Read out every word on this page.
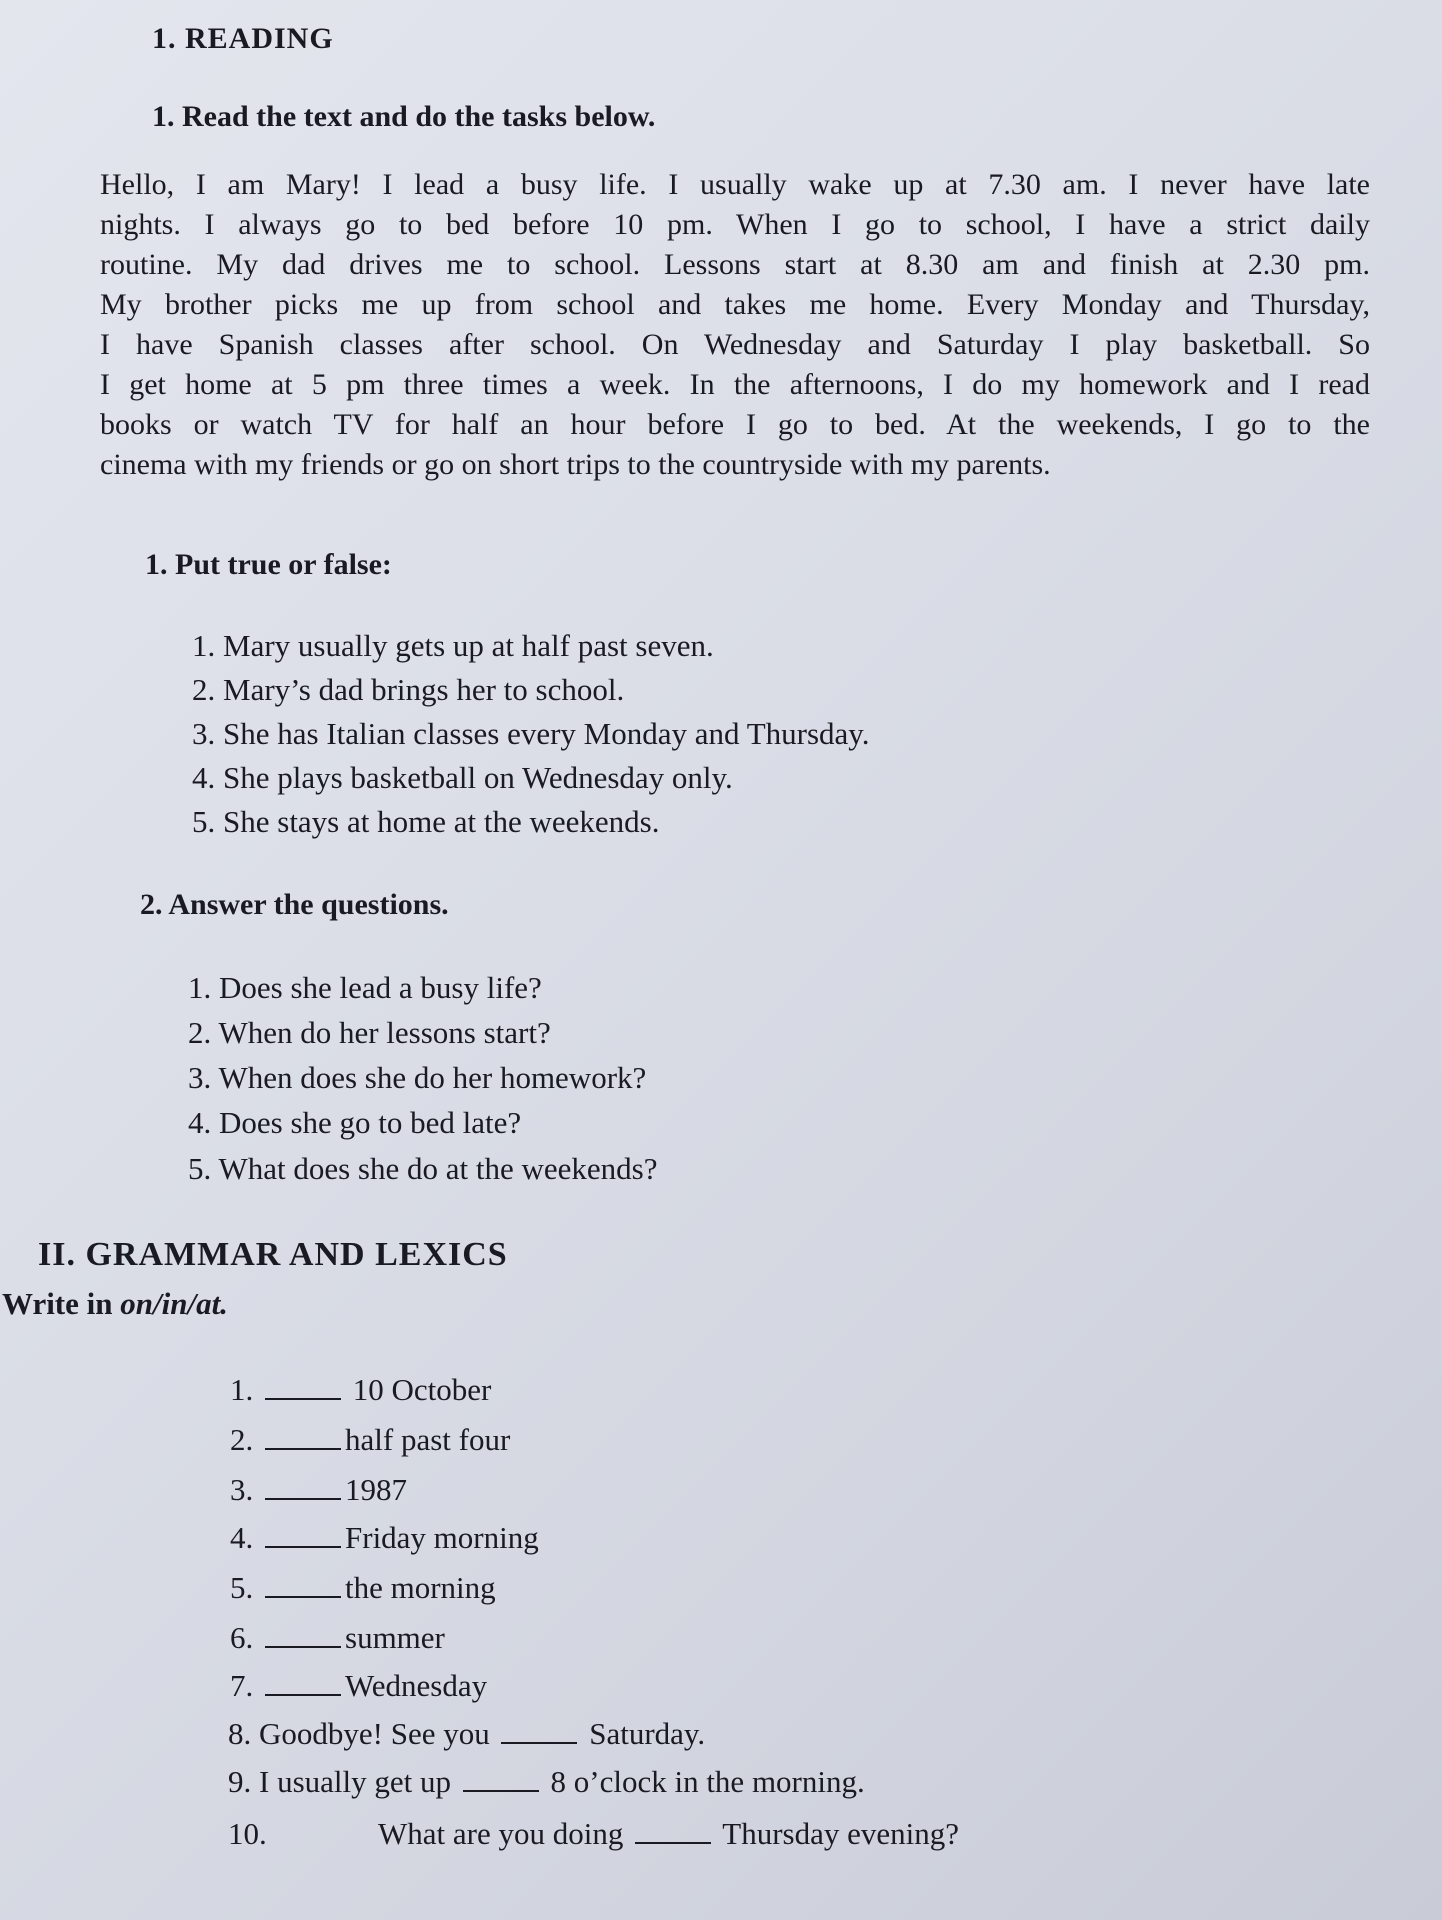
1. READING
1. Read the text and do the tasks below.
Hello, I am Mary! I lead a busy life. I usually wake up at 7.30 am. I never have late
nights. I always go to bed before 10 pm. When I go to school, I have a strict daily
routine. My dad drives me to school. Lessons start at 8.30 am and finish at 2.30 pm.
My brother picks me up from school and takes me home. Every Monday and Thursday,
I have Spanish classes after school. On Wednesday and Saturday I play basketball. So
I get home at 5 pm three times a week. In the afternoons, I do my homework and I read
books or watch TV for half an hour before I go to bed. At the weekends, I go to the
cinema with my friends or go on short trips to the countryside with my parents.
1. Put true or false:
1. Mary usually gets up at half past seven.
2. Mary’s dad brings her to school.
3. She has Italian classes every Monday and Thursday.
4. She plays basketball on Wednesday only.
5. She stays at home at the weekends.
2. Answer the questions.
1. Does she lead a busy life?
2. When do her lessons start?
3. When does she do her homework?
4. Does she go to bed late?
5. What does she do at the weekends?
II. GRAMMAR AND LEXICS
Write in on/in/at.
1.	10 October
2.	half past four
3.	1987
4.	Friday morning
5.	the morning
6.	summer
7.	Wednesday
8. Goodbye! See you	Saturday.
9. I usually get up	8 o’clock in the morning.
10.	What are you doing	Thursday evening?
